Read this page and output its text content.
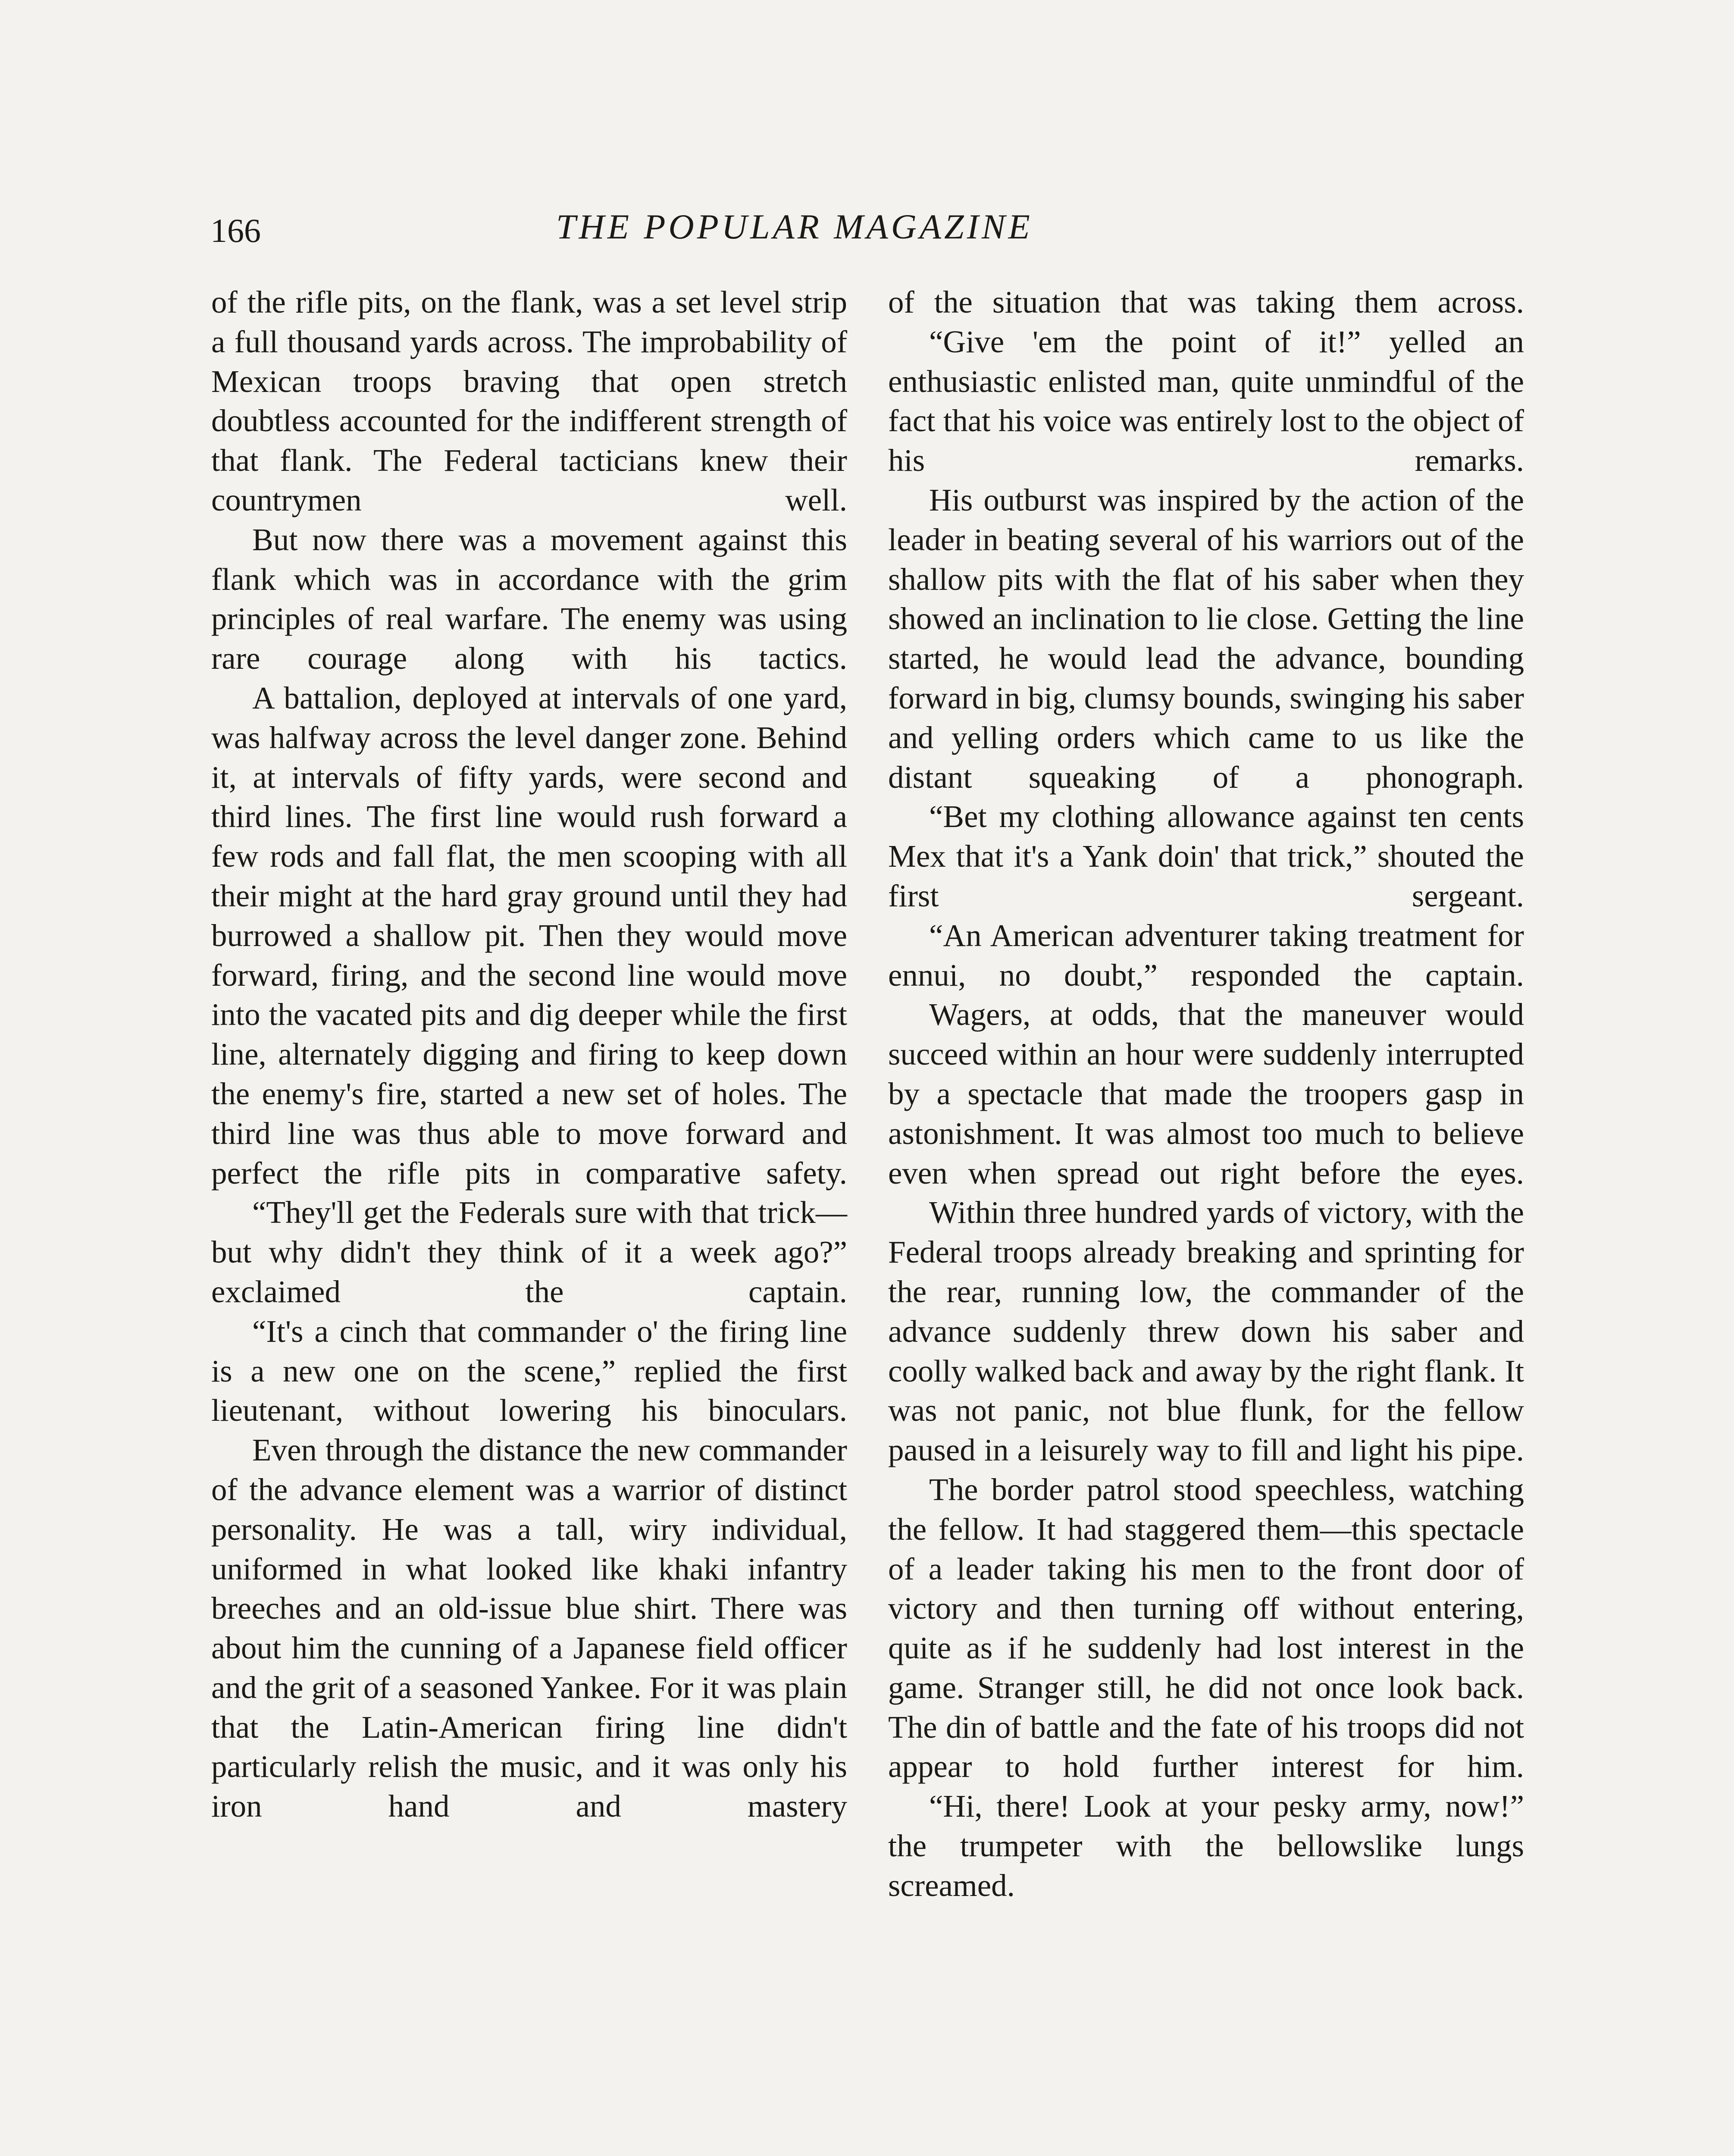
166	THE POPULAR MAGAZINE

of the rifle pits, on the flank, was a set level strip a full thousand yards across. The improbability of Mexican troops braving that open stretch doubtless accounted for the indifferent strength of that flank. The Federal tacticians knew their countrymen well.

But now there was a movement against this flank which was in accordance with the grim principles of real warfare. The enemy was using rare courage along with his tactics.

A battalion, deployed at intervals of one yard, was halfway across the level danger zone. Behind it, at intervals of fifty yards, were second and third lines. The first line would rush forward a few rods and fall flat, the men scooping with all their might at the hard gray ground until they had burrowed a shallow pit. Then they would move forward, firing, and the second line would move into the vacated pits and dig deeper while the first line, alternately digging and firing to keep down the enemy's fire, started a new set of holes. The third line was thus able to move forward and perfect the rifle pits in comparative safety.

“They'll get the Federals sure with that trick—but why didn't they think of it a week ago?” exclaimed the captain.

“It's a cinch that commander o' the firing line is a new one on the scene,” replied the first lieutenant, without lowering his binoculars.

Even through the distance the new commander of the advance element was a warrior of distinct personality. He was a tall, wiry individual, uniformed in what looked like khaki infantry breeches and an old-issue blue shirt. There was about him the cunning of a Japanese field officer and the grit of a seasoned Yankee. For it was plain that the Latin-American firing line didn't particularly relish the music, and it was only his iron hand and mastery

of the situation that was taking them across.

“Give 'em the point of it!” yelled an enthusiastic enlisted man, quite unmindful of the fact that his voice was entirely lost to the object of his remarks.

His outburst was inspired by the action of the leader in beating several of his warriors out of the shallow pits with the flat of his saber when they showed an inclination to lie close. Getting the line started, he would lead the advance, bounding forward in big, clumsy bounds, swinging his saber and yelling orders which came to us like the distant squeaking of a phonograph.

“Bet my clothing allowance against ten cents Mex that it's a Yank doin' that trick,” shouted the first sergeant.

“An American adventurer taking treatment for ennui, no doubt,” responded the captain.

Wagers, at odds, that the maneuver would succeed within an hour were suddenly interrupted by a spectacle that made the troopers gasp in astonishment. It was almost too much to believe even when spread out right before the eyes.

Within three hundred yards of victory, with the Federal troops already breaking and sprinting for the rear, running low, the commander of the advance suddenly threw down his saber and coolly walked back and away by the right flank. It was not panic, not blue flunk, for the fellow paused in a leisurely way to fill and light his pipe.

The border patrol stood speechless, watching the fellow. It had staggered them—this spectacle of a leader taking his men to the front door of victory and then turning off without entering, quite as if he suddenly had lost interest in the game. Stranger still, he did not once look back. The din of battle and the fate of his troops did not appear to hold further interest for him.

“Hi, there! Look at your pesky army, now!” the trumpeter with the bellowslike lungs screamed.
